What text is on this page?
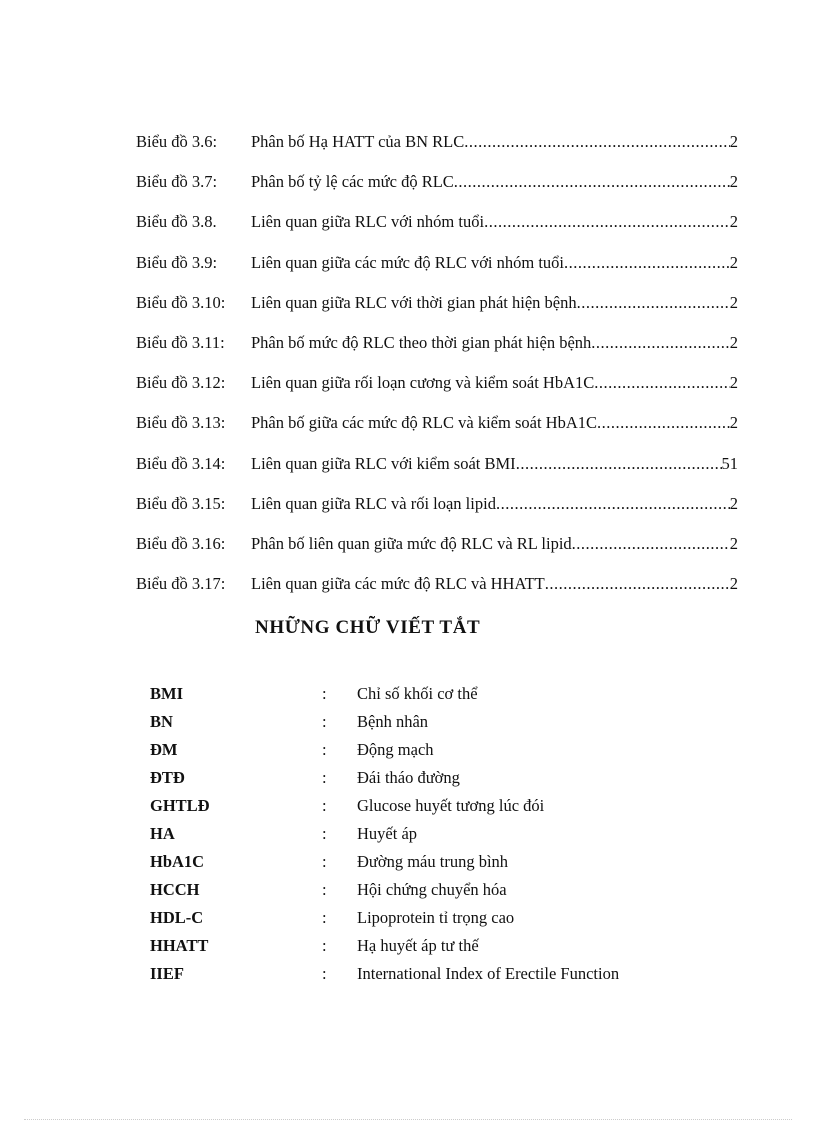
Biểu đồ 3.6:	Phân bố Hạ HATT của BN RLC .....	2
Biểu đồ 3.7:	Phân bố tỷ lệ các mức độ RLC .....	2
Biểu đồ 3.8.	Liên quan giữa RLC với nhóm tuổi .....	2
Biểu đồ 3.9:	Liên quan giữa các mức độ RLC với nhóm tuổi .....	2
Biểu đồ 3.10:	Liên quan giữa RLC với thời gian phát hiện bệnh .....	2
Biểu đồ 3.11:	Phân bố mức độ RLC theo thời gian phát hiện bệnh .....	2
Biểu đồ 3.12:	Liên quan giữa rối loạn cương và kiểm soát HbA1C .....	2
Biểu đồ 3.13:	Phân bố giữa các mức độ RLC và kiểm soát HbA1C .....	2
Biểu đồ 3.14:	Liên quan giữa RLC với kiểm soát BMI .....	51
Biểu đồ 3.15:	Liên quan giữa RLC và rối loạn lipid .....	2
Biểu đồ 3.16:	Phân bố liên quan giữa mức độ RLC và RL lipid .....	2
Biểu đồ 3.17:	Liên quan giữa các mức độ RLC và HHATT .....	2
NHỮNG CHỮ VIẾT TẮT
BMI	:	Chỉ số khối cơ thể
BN	:	Bệnh nhân
ĐM	:	Động mạch
ĐTĐ	:	Đái tháo đường
GHTLĐ	:	Glucose huyết tương lúc đói
HA	:	Huyết áp
HbA1C	:	Đường máu trung bình
HCCH	:	Hội chứng chuyển hóa
HDL-C	:	Lipoprotein tỉ trọng cao
HHATT	:	Hạ huyết áp tư thế
IIEF	:	International Index of Erectile Function
